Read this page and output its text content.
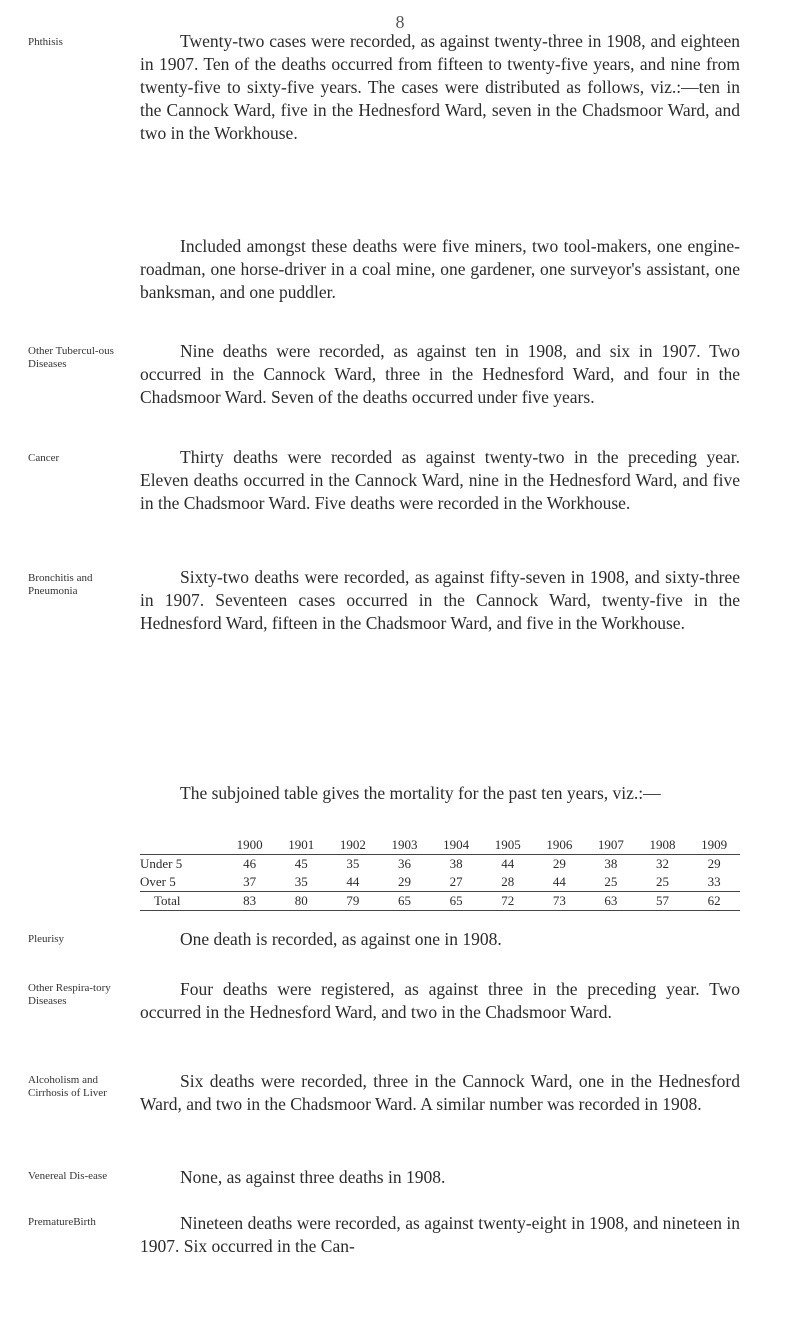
8
Phthisis	Twenty-two cases were recorded, as against twenty-three in 1908, and eighteen in 1907. Ten of the deaths occurred from fifteen to twenty-five years, and nine from twenty-five to sixty-five years. The cases were distributed as follows, viz.:—ten in the Cannock Ward, five in the Hednesford Ward, seven in the Chadsmoor Ward, and two in the Workhouse.

Included amongst these deaths were five miners, two tool-makers, one engine-roadman, one horse-driver in a coal mine, one gardener, one surveyor's assistant, one banksman, and one puddler.

Other Tubercul-ous Diseases

Nine deaths were recorded, as against ten in 1908, and six in 1907. Two occurred in the Cannock Ward, three in the Hednesford Ward, and four in the Chadsmoor Ward. Seven of the deaths occurred under five years.

Cancer	Thirty deaths were recorded as against twenty-two in the preceding year. Eleven deaths occurred in the Cannock Ward, nine in the Hednesford Ward, and five in the Chadsmoor Ward. Five deaths were recorded in the Workhouse.

Bronchitis and Pneumonia

Sixty-two deaths were recorded, as against fifty-seven in 1908, and sixty-three in 1907. Seventeen cases occurred in the Cannock Ward, twenty-five in the Hednesford Ward, fifteen in the Chadsmoor Ward, and five in the Workhouse.

The subjoined table gives the mortality for the past ten years, viz.:—

	1900	1901	1902	1903	1904	1905	1906	1907	1908	1909
Under 5	46	45	35	36	38	44	29	38	32	29
Over 5	37	35	44	29	27	28	44	25	25	33
Total	83	80	79	65	65	72	73	63	57	62
Pleurisy	One death is recorded, as against one in 1908.

Other Respira-tory Diseases

Four deaths were registered, as against three in the preceding year. Two occurred in the Hednesford Ward, and two in the Chadsmoor Ward.

Alcoholism and Cirrhosis of Liver

Six deaths were recorded, three in the Cannock Ward, one in the Hednesford Ward, and two in the Chadsmoor Ward. A similar number was recorded in 1908.

Venereal Dis-ease	None, as against three deaths in 1908.

PrematureBirth	Nineteen deaths were recorded, as against twenty-eight in 1908, and nineteen in 1907. Six occurred in the Can-
